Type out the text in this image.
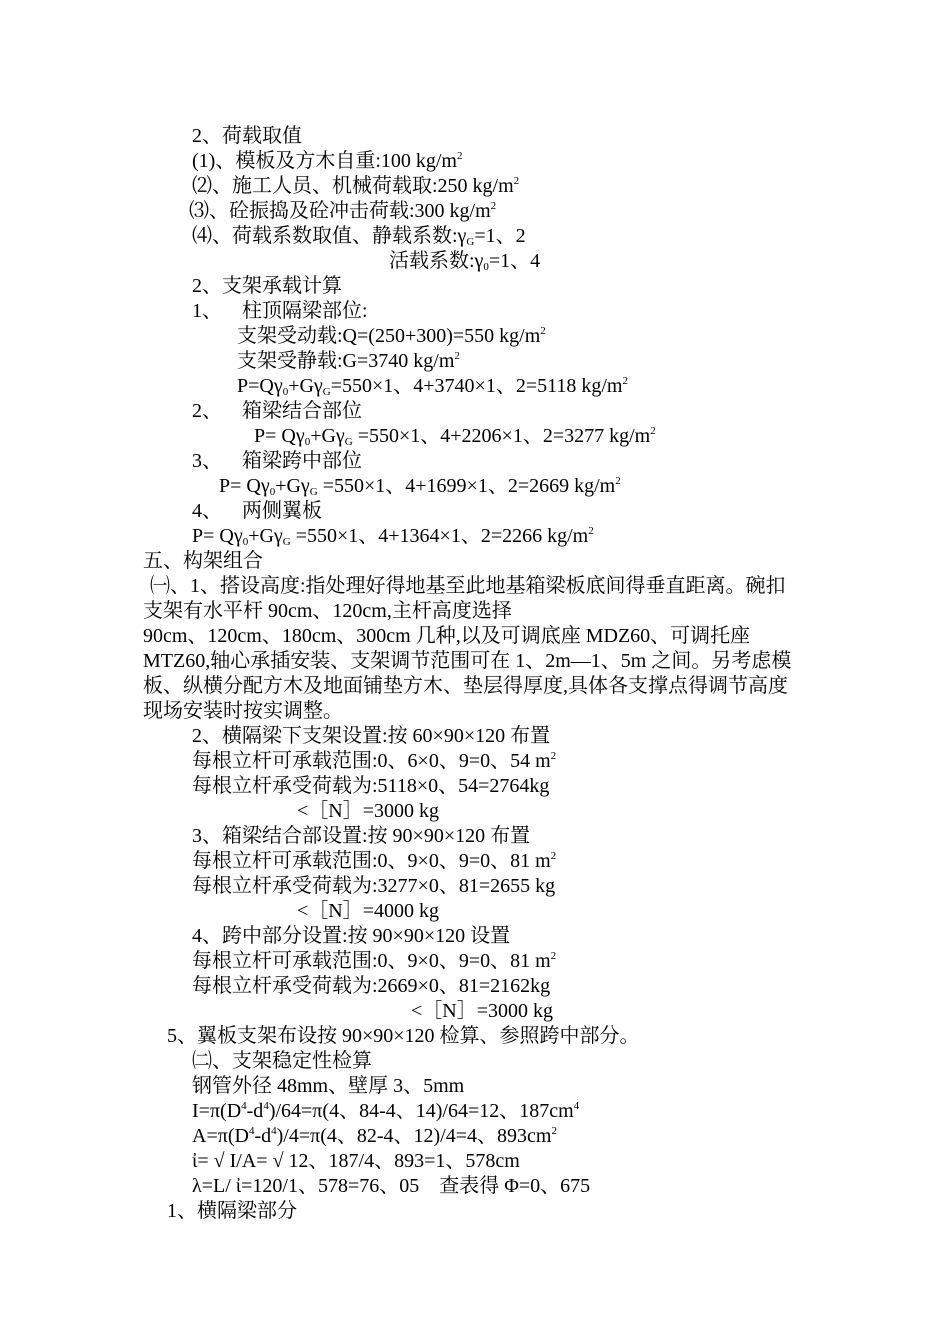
2、荷载取值
(1)、模板及方木自重:100 $kg/m^2$
⑵、施工人员、机械荷载取:250 $kg/m^2$
⑶、砼振捣及砼冲击荷载:300 $kg/m^2$
⑷、荷载系数取值、静载系数$:\gamma_G=1$、2
活载系数$:\gamma_0=1$、4
2、支架承载计算
1、    柱顶隔梁部位:
支架受动载:Q=(250+300)=550 $kg/m^2$
支架受静载:G=3740 $kg/m^2$
$P=Q\gamma_0+G\gamma_G=550\times 1$、4+3740×1、2=5118 $kg/m^2$
2、    箱梁结合部位
$P= Q\gamma_0+G\gamma_G =550\times 1$、4+2206×1、2=3277 $kg/m^2$
3、    箱梁跨中部位
$P= Q\gamma_0+G\gamma_G =550\times 1$、4+1699×1、2=2669 $kg/m^2$
4、    两侧翼板
$P= Q\gamma_0+G\gamma_G =550\times 1$、4+1364×1、2=2266 $kg/m^2$
五、构架组合
㈠、1、搭设高度:指处理好得地基至此地基箱梁板底间得垂直距离。碗扣支架有水平杆 90cm、120cm,主杆高度选择
90cm、120cm、180cm、300cm 几种,以及可调底座 MDZ60、可调托座 MTZ60,轴心承插安装、支架调节范围可在 1、2m—1、5m 之间。另考虑模板、纵横分配方木及地面铺垫方木、垫层得厚度,具体各支撑点得调节高度现场安装时按实调整。
2、横隔梁下支架设置:按 60×90×120 布置
每根立杆可承载范围:0、6×0、9=0、54 $m^2$
每根立杆承受荷载为:5118×0、54=2764kg
<［N］=3000 kg
3、箱梁结合部设置:按 90×90×120 布置
每根立杆可承载范围:0、9×0、9=0、81 $m^2$
每根立杆承受荷载为:3277×0、81=2655 kg
<［N］=4000 kg
4、跨中部分设置:按 90×90×120 设置
每根立杆可承载范围:0、9×0、9=0、81 $m^2$
每根立杆承受荷载为:2669×0、81=2162kg
<［N］=3000 kg
5、翼板支架布设按 90×90×120 检算、参照跨中部分。
㈡、支架稳定性检算
钢管外径 48mm、壁厚 3、5mm
$I=\pi(D^4-d^4)/64=\pi(4$、84-4、14)/64=12、$187cm^4$
$A=\pi(D^4-d^4)/4=\pi(4$、82-4、12)/4=4、$893cm^2$
ἰ= √ I/A= √ 12、187/4、893=1、578cm
λ=L/ ἰ=120/1、578=76、05    查表得 Φ=0、675
1、横隔梁部分
